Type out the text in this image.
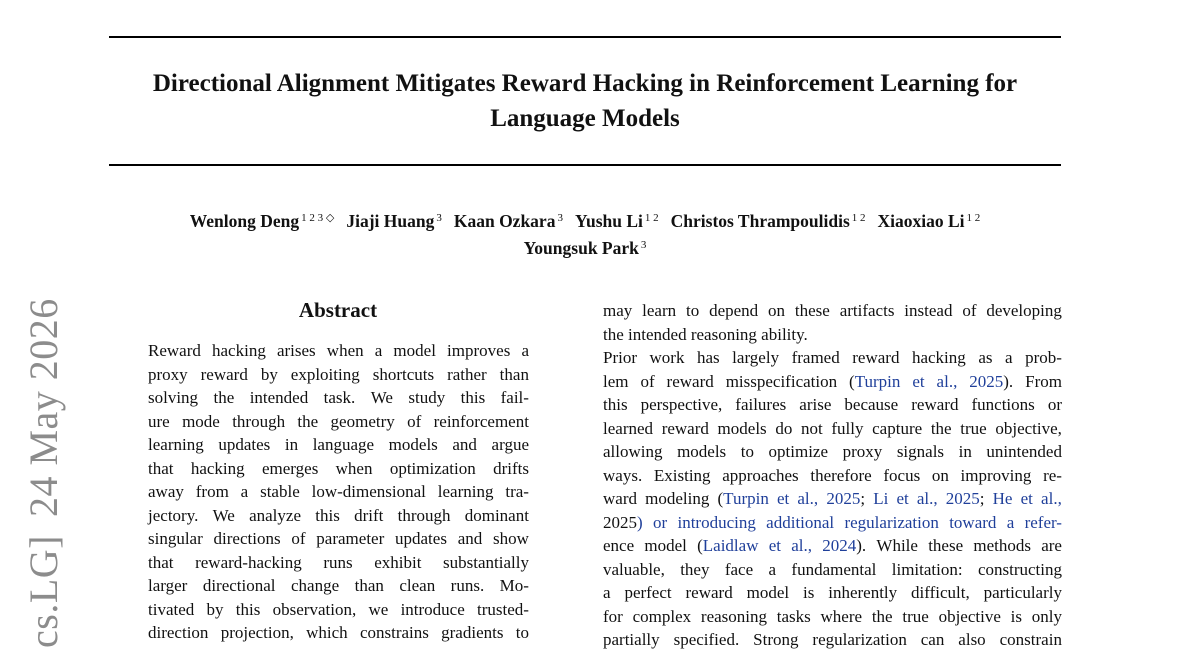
Directional Alignment Mitigates Reward Hacking in Reinforcement Learning for Language Models
Wenlong Deng $^{1 2 3 ◇}$ Jiaji Huang $^3$ Kaan Ozkara $^3$ Yushu Li $^{1 2}$ Christos Thrampoulidis $^{1 2}$ Xiaoxiao Li $^{1 2}$
Youngsuk Park $^3$
cs.LG]24 May 2026	Abstract
Reward hacking arises when a model improves a
proxy reward by exploiting shortcuts rather than
solving the intended task. We study this fail-
ure mode through the geometry of reinforcement
learning updates in language models and argue
that hacking emerges when optimization drifts
away from a stable low-dimensional learning tra-
jectory. We analyze this drift through dominant
singular directions of parameter updates and show
that reward-hacking runs exhibit substantially
larger directional change than clean runs. Mo-
tivated by this observation, we introduce trusted-
direction projection, which constrains gradients to
may learn to depend on these artifacts instead of developing
the intended reasoning ability.
Prior work has largely framed reward hacking as a prob-
lem of reward misspecification (Turpin et al., 2025). From
this perspective, failures arise because reward functions or
learned reward models do not fully capture the true objective,
allowing models to optimize proxy signals in unintended
ways. Existing approaches therefore focus on improving re-
ward modeling (Turpin et al., 2025; Li et al., 2025; He et al.,
2025) or introducing additional regularization toward a refer-
ence model (Laidlaw et al., 2024). While these methods are
valuable, they face a fundamental limitation: constructing
a perfect reward model is inherently difficult, particularly
for complex reasoning tasks where the true objective is only
partially specified. Strong regularization can also constrain
